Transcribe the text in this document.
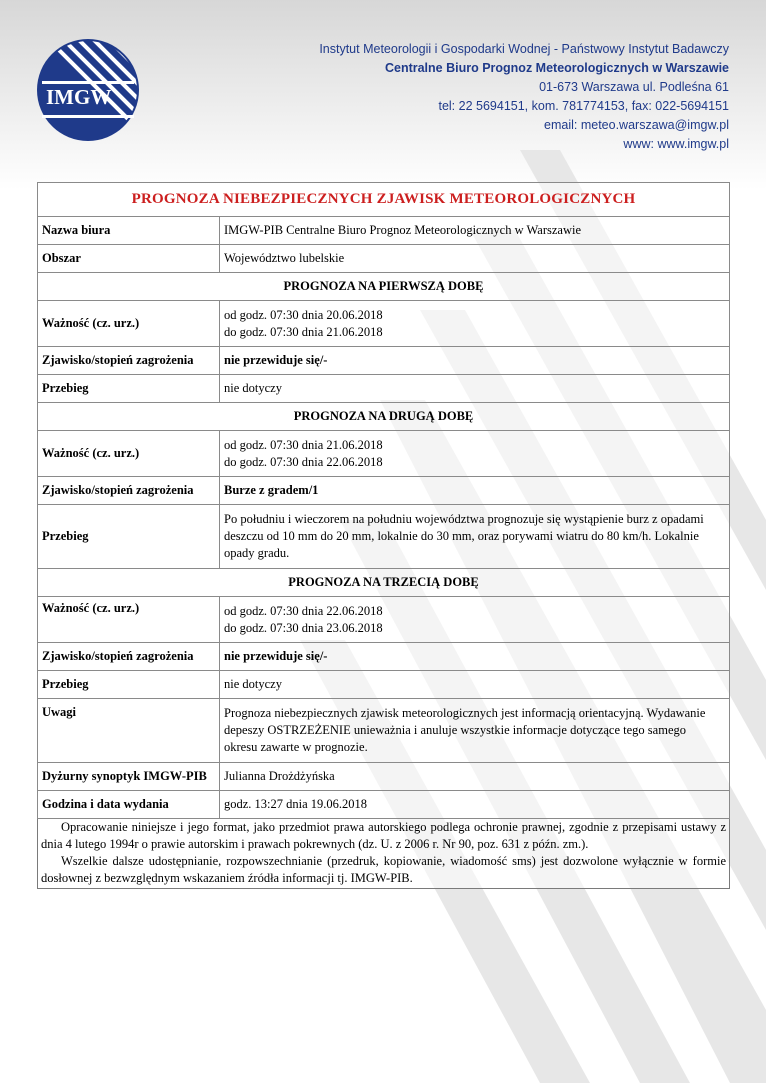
IMGW
Instytut Meteorologii i Gospodarki Wodnej - Państwowy Instytut Badawczy
Centralne Biuro Prognoz Meteorologicznych w Warszawie
01-673 Warszawa ul. Podleśna 61
tel: 22 5694151, kom. 781774153, fax: 022-5694151
email: meteo.warszawa@imgw.pl
www: www.imgw.pl
PROGNOZA NIEBEZPIECZNYCH ZJAWISK METEOROLOGICZNYCH	
Nazwa biura	IMGW-PIB Centralne Biuro Prognoz Meteorologicznych w Warszawie
Obszar	Województwo lubelskie
PROGNOZA NA PIERWSZĄ DOBĘ	
Ważność (cz. urz.)	od godz. 07:30 dnia 20.06.2018
do godz. 07:30 dnia 21.06.2018

Zjawisko/stopień zagrożenia	nie przewiduje się/-
Przebieg	nie dotyczy
PROGNOZA NA DRUGĄ DOBĘ	
Ważność (cz. urz.)	od godz. 07:30 dnia 21.06.2018
do godz. 07:30 dnia 22.06.2018

Zjawisko/stopień zagrożenia	Burze z gradem/1
Przebieg	Po południu i wieczorem na południu województwa prognozuje się wystąpienie burz z opadami
deszczu od 10 mm do 20 mm, lokalnie do 30 mm, oraz porywami wiatru do 80 km/h. Lokalnie
opady gradu.

PROGNOZA NA TRZECIĄ DOBĘ	
Ważność (cz. urz.)	od godz. 07:30 dnia 22.06.2018
do godz. 07:30 dnia 23.06.2018

Zjawisko/stopień zagrożenia	nie przewiduje się/-
Przebieg	nie dotyczy
Uwagi	Prognoza niebezpiecznych zjawisk meteorologicznych jest informacją orientacyjną. Wydawanie
depeszy OSTRZEŻENIE unieważnia i anuluje wszystkie informacje dotyczące tego samego
okresu zawarte w prognozie.

Dyżurny synoptyk IMGW-PIB	Julianna Drożdżyńska
Godzina i data wydania	godz. 13:27 dnia 19.06.2018

Opracowanie niniejsze i jego format, jako przedmiot prawa autorskiego podlega ochronie prawnej, zgodnie z przepisami ustawy z dnia 4 lutego 1994r o prawie autorskim i prawach pokrewnych (dz. U. z 2006 r. Nr 90, poz. 631 z późn. zm.).

Wszelkie dalsze udostępnianie, rozpowszechnianie (przedruk, kopiowanie, wiadomość sms) jest dozwolone wyłącznie w formie dosłownej z bezwzględnym wskazaniem źródła informacji tj. IMGW-PIB.
